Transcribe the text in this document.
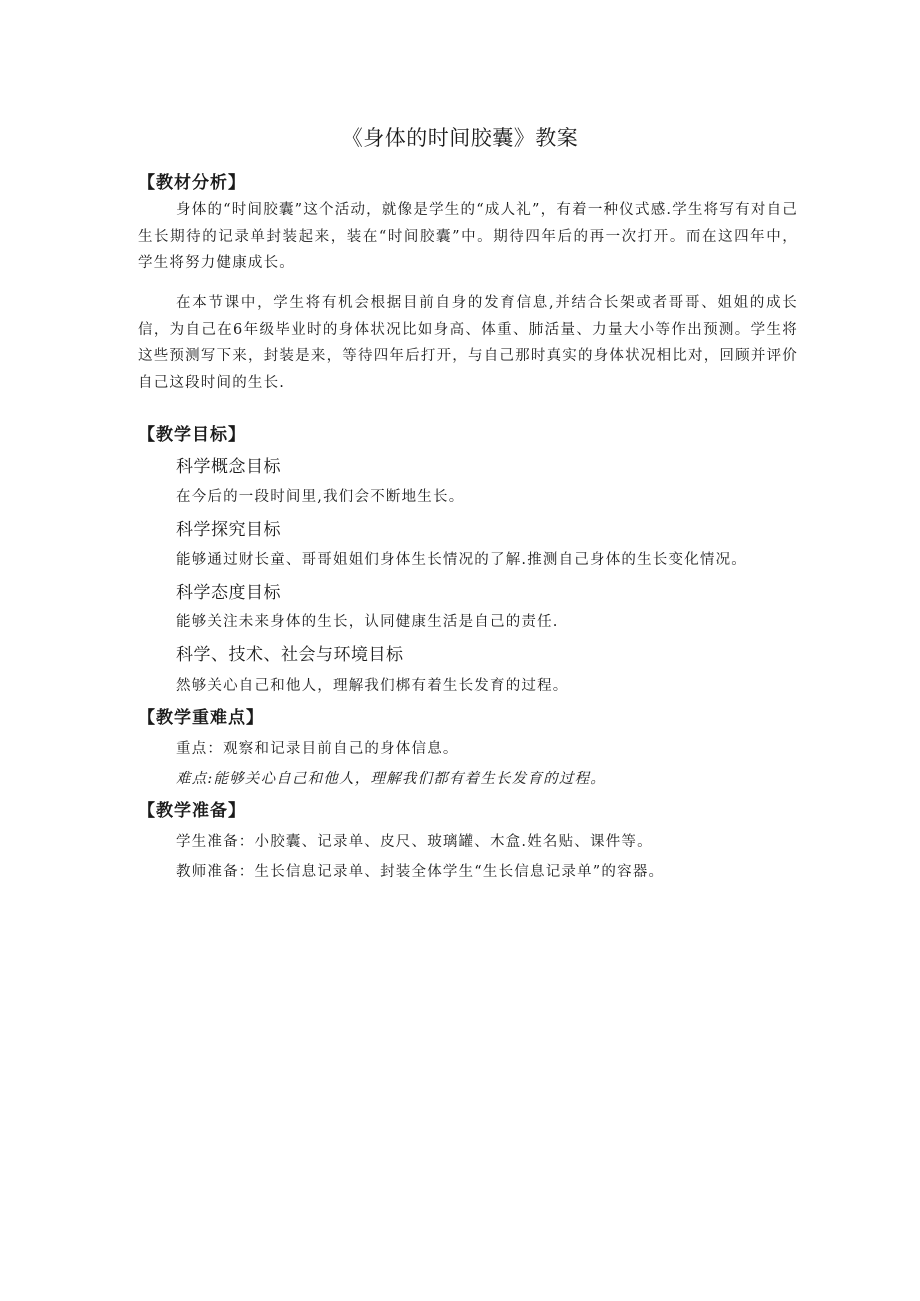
《身体的时间胶囊》教案
【教材分析】
身体的“时间胶囊”这个活动，就像是学生的“成人礼”，有着一种仪式感.学生将写有对自己生长期待的记录单封装起来，装在“时间胶囊”中。期待四年后的再一次打开。而在这四年中，学生将努力健康成长。
在本节课中，学生将有机会根据目前自身的发育信息,并结合长架或者哥哥、姐姐的成长信，为自己在6年级毕业时的身体状况比如身高、体重、肺活量、力量大小等作出预测。学生将这些预测写下来，封装是来，等待四年后打开，与自己那时真实的身体状况相比对，回顾并评价自己这段时间的生长.
【教学目标】
科学概念目标
在今后的一段时间里,我们会不断地生长。
科学探究目标
能够通过财长童、哥哥姐姐们身体生长情况的了解.推测自己身体的生长变化情况。
科学态度目标
能够关注未来身体的生长，认同健康生活是自己的责任.
科学、技术、社会与环境目标
然够关心自己和他人，理解我们梆有着生长发育的过程。
【教学重难点】
重点：观察和记录目前自己的身体信息。
难点:能够关心自己和他人，理解我们都有着生长发育的过程。
【教学准备】
学生准备：小胶囊、记录单、皮尺、玻璃罐、木盒.姓名贴、课件等。
教师准备：生长信息记录单、封装全体学生“生长信息记录单”的容器。
